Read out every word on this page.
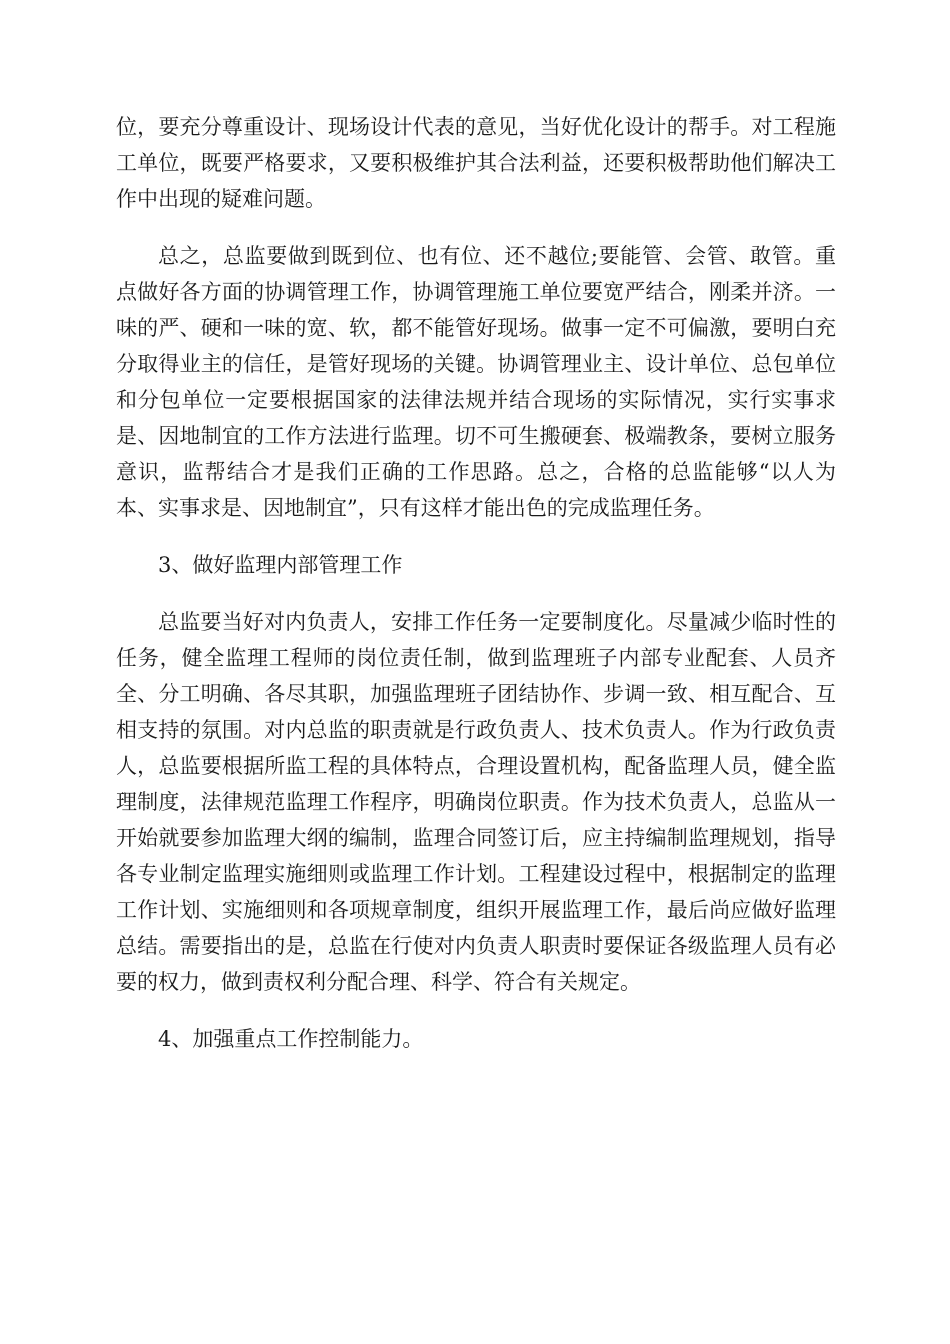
位，要充分尊重设计、现场设计代表的意见，当好优化设计的帮手。对工程施工单位，既要严格要求，又要积极维护其合法利益，还要积极帮助他们解决工作中出现的疑难问题。

总之，总监要做到既到位、也有位、还不越位;要能管、会管、敢管。重点做好各方面的协调管理工作，协调管理施工单位要宽严结合，刚柔并济。一味的严、硬和一味的宽、软，都不能管好现场。做事一定不可偏激，要明白充分取得业主的信任，是管好现场的关键。协调管理业主、设计单位、总包单位和分包单位一定要根据国家的法律法规并结合现场的实际情况，实行实事求是、因地制宜的工作方法进行监理。切不可生搬硬套、极端教条，要树立服务意识，监帮结合才是我们正确的工作思路。总之，合格的总监能够“以人为本、实事求是、因地制宜”，只有这样才能出色的完成监理任务。

3、做好监理内部管理工作

总监要当好对内负责人，安排工作任务一定要制度化。尽量减少临时性的任务，健全监理工程师的岗位责任制，做到监理班子内部专业配套、人员齐全、分工明确、各尽其职，加强监理班子团结协作、步调一致、相互配合、互相支持的氛围。对内总监的职责就是行政负责人、技术负责人。作为行政负责人，总监要根据所监工程的具体特点，合理设置机构，配备监理人员，健全监理制度，法律规范监理工作程序，明确岗位职责。作为技术负责人，总监从一开始就要参加监理大纲的编制，监理合同签订后，应主持编制监理规划，指导各专业制定监理实施细则或监理工作计划。工程建设过程中，根据制定的监理工作计划、实施细则和各项规章制度，组织开展监理工作，最后尚应做好监理总结。需要指出的是，总监在行使对内负责人职责时要保证各级监理人员有必要的权力，做到责权利分配合理、科学、符合有关规定。

4、加强重点工作控制能力。
